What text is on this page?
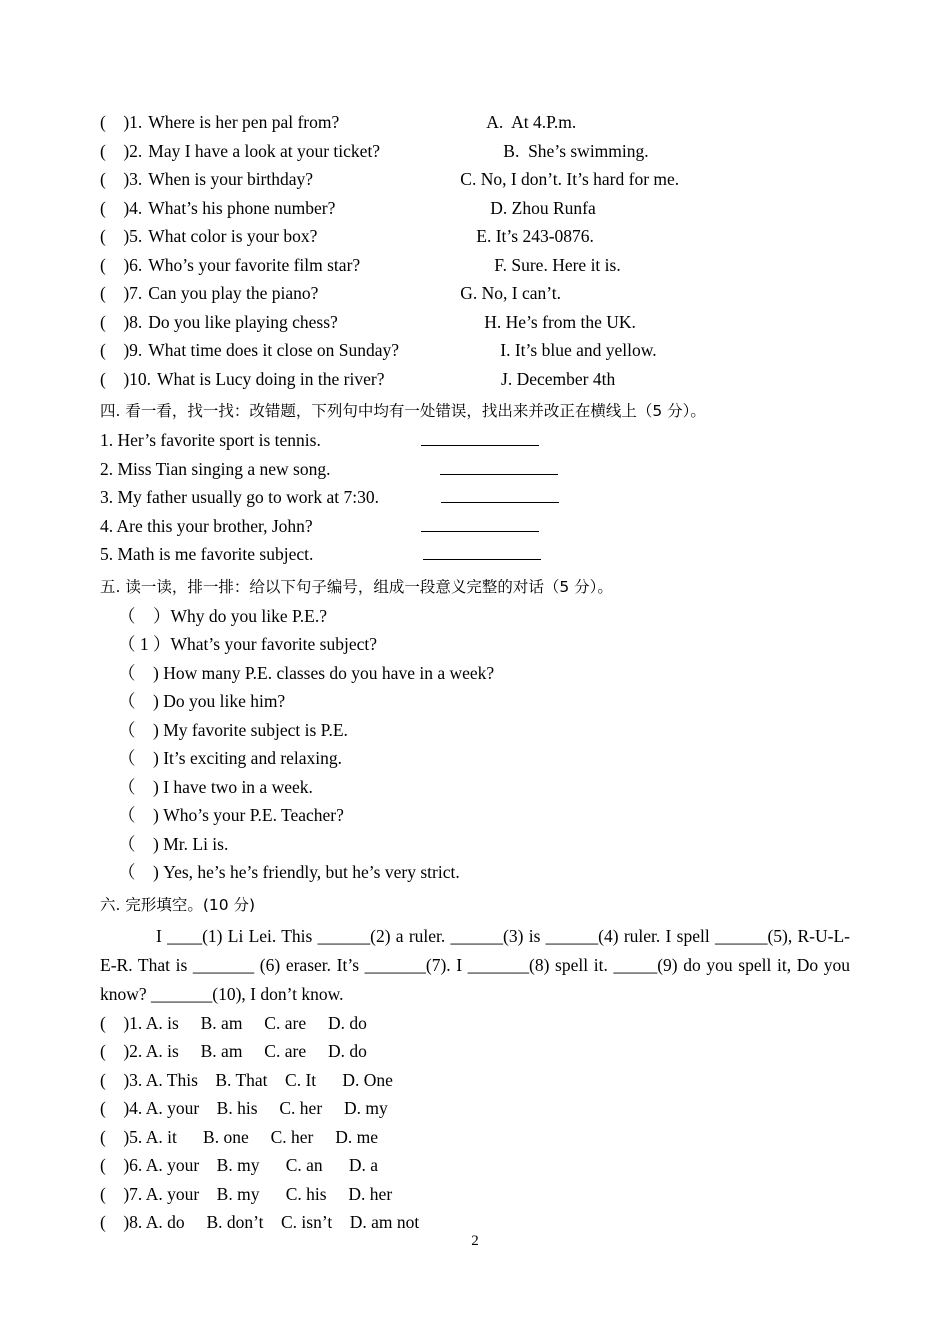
(    )1. Where is her pen pal from?	A.  At 4.P.m.
(    )2. May I have a look at your ticket?	B.  She’s swimming.
(    )3. When is your birthday?	C. No, I don’t. It’s hard for me.
(    )4. What’s his phone number?	D. Zhou Runfa
(    )5. What color is your box?	E. It’s 243-0876.
(    )6. Who’s your favorite film star?	F. Sure. Here it is.
(    )7. Can you play the piano?	G. No, I can’t.
(    )8. Do you like playing chess?	H. He’s from the UK.
(    )9. What time does it close on Sunday?	I. It’s blue and yellow.
(    )10. What is Lucy doing in the river?	J. December 4th
四. 看一看，找一找：改错题，下列句中均有一处错误，找出来并改正在横线上（5 分）。
1. Her’s favorite sport is tennis.
2. Miss Tian singing a new song.
3. My father usually go to work at 7:30.
4. Are this your brother, John?
5. Math is me favorite subject.
五. 读一读，排一排：给以下句子编号，组成一段意义完整的对话（5 分）。
（    ）Why do you like P.E.?
（ 1 ）What’s your favorite subject?
（    ) How many P.E. classes do you have in a week?
（    ) Do you like him?
（    ) My favorite subject is P.E.
（    ) It’s exciting and relaxing.
（    ) I have two in a week.
（    ) Who’s your P.E. Teacher?
（    ) Mr. Li is.
（    ) Yes, he’s he’s friendly, but he’s very strict.
六. 完形填空。(10 分)
I ____(1) Li Lei. This ______(2) a ruler. ______(3) is ______(4) ruler. I spell ______(5), R-U-L-E-R. That is _______ (6) eraser. It’s _______(7). I _______(8) spell it. _____(9) do you spell it, Do you know? _______(10), I don’t know.
(    )1. A. is     B. am     C. are     D. do
(    )2. A. is     B. am     C. are     D. do
(    )3. A. This    B. That    C. It      D. One
(    )4. A. your    B. his     C. her     D. my
(    )5. A. it      B. one     C. her     D. me
(    )6. A. your    B. my      C. an      D. a
(    )7. A. your    B. my      C. his     D. her
(    )8. A. do     B. don’t    C. isn’t    D. am not
2
